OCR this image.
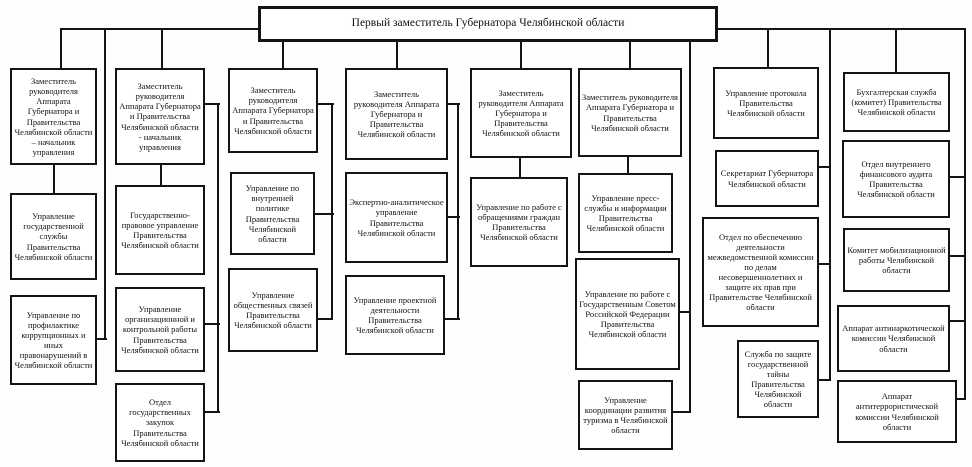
Первый заместитель Губернатора Челябинской области
Заместитель руководителя Аппарата Губернатора и Правительства Челябинской области – начальник управления
Управление государственной службы Правительства Челябинской области
Управление по профилактике коррупционных и иных правонарушений в Челябинской области
Заместитель руководителя Аппарата Губернатора и Правительства Челябинской области - начальник управления
Государственно-правовое управление Правительства Челябинской области
Управление организационной и контрольной работы Правительства Челябинской области
Отдел государственных закупок Правительства Челябинской области
Заместитель руководителя Аппарата Губернатора и Правительства Челябинской области
Управление по внутренней политике Правительства Челябинской области
Управление общественных связей Правительства Челябинской области
Заместитель руководителя Аппарата Губернатора и Правительства Челябинской области
Экспертно-аналитическое управление Правительства Челябинской области
Управление проектной деятельности Правительства Челябинской области
Заместитель руководителя Аппарата Губернатора и Правительства Челябинской области
Управление по работе с обращениями граждан Правительства Челябинской области
Заместитель руководителя Аппарата Губернатора и Правительства Челябинской области
Управление пресс-службы и информации Правительства Челябинской области
Управление по работе с Государственным Советом Российской Федерации Правительства Челябинской области
Управление координации развития туризма в Челябинской области
Управление протокола Правительства Челябинской области
Секретариат Губернатора Челябинской области
Отдел по обеспечению деятельности межведомственной комиссии по делам несовершеннолетних и защите их прав при Правительстве Челябинской области
Служба по защите государственной тайны Правительства Челябинской области
Бухгалтерская служба (комитет) Правительства Челябинской области
Отдел внутреннего финансового аудита Правительства Челябинской области
Комитет мобилизационной работы Челябинской области
Аппарат антинаркотической комиссии Челябинской области
Аппарат антитеррористической комиссии Челябинской области
